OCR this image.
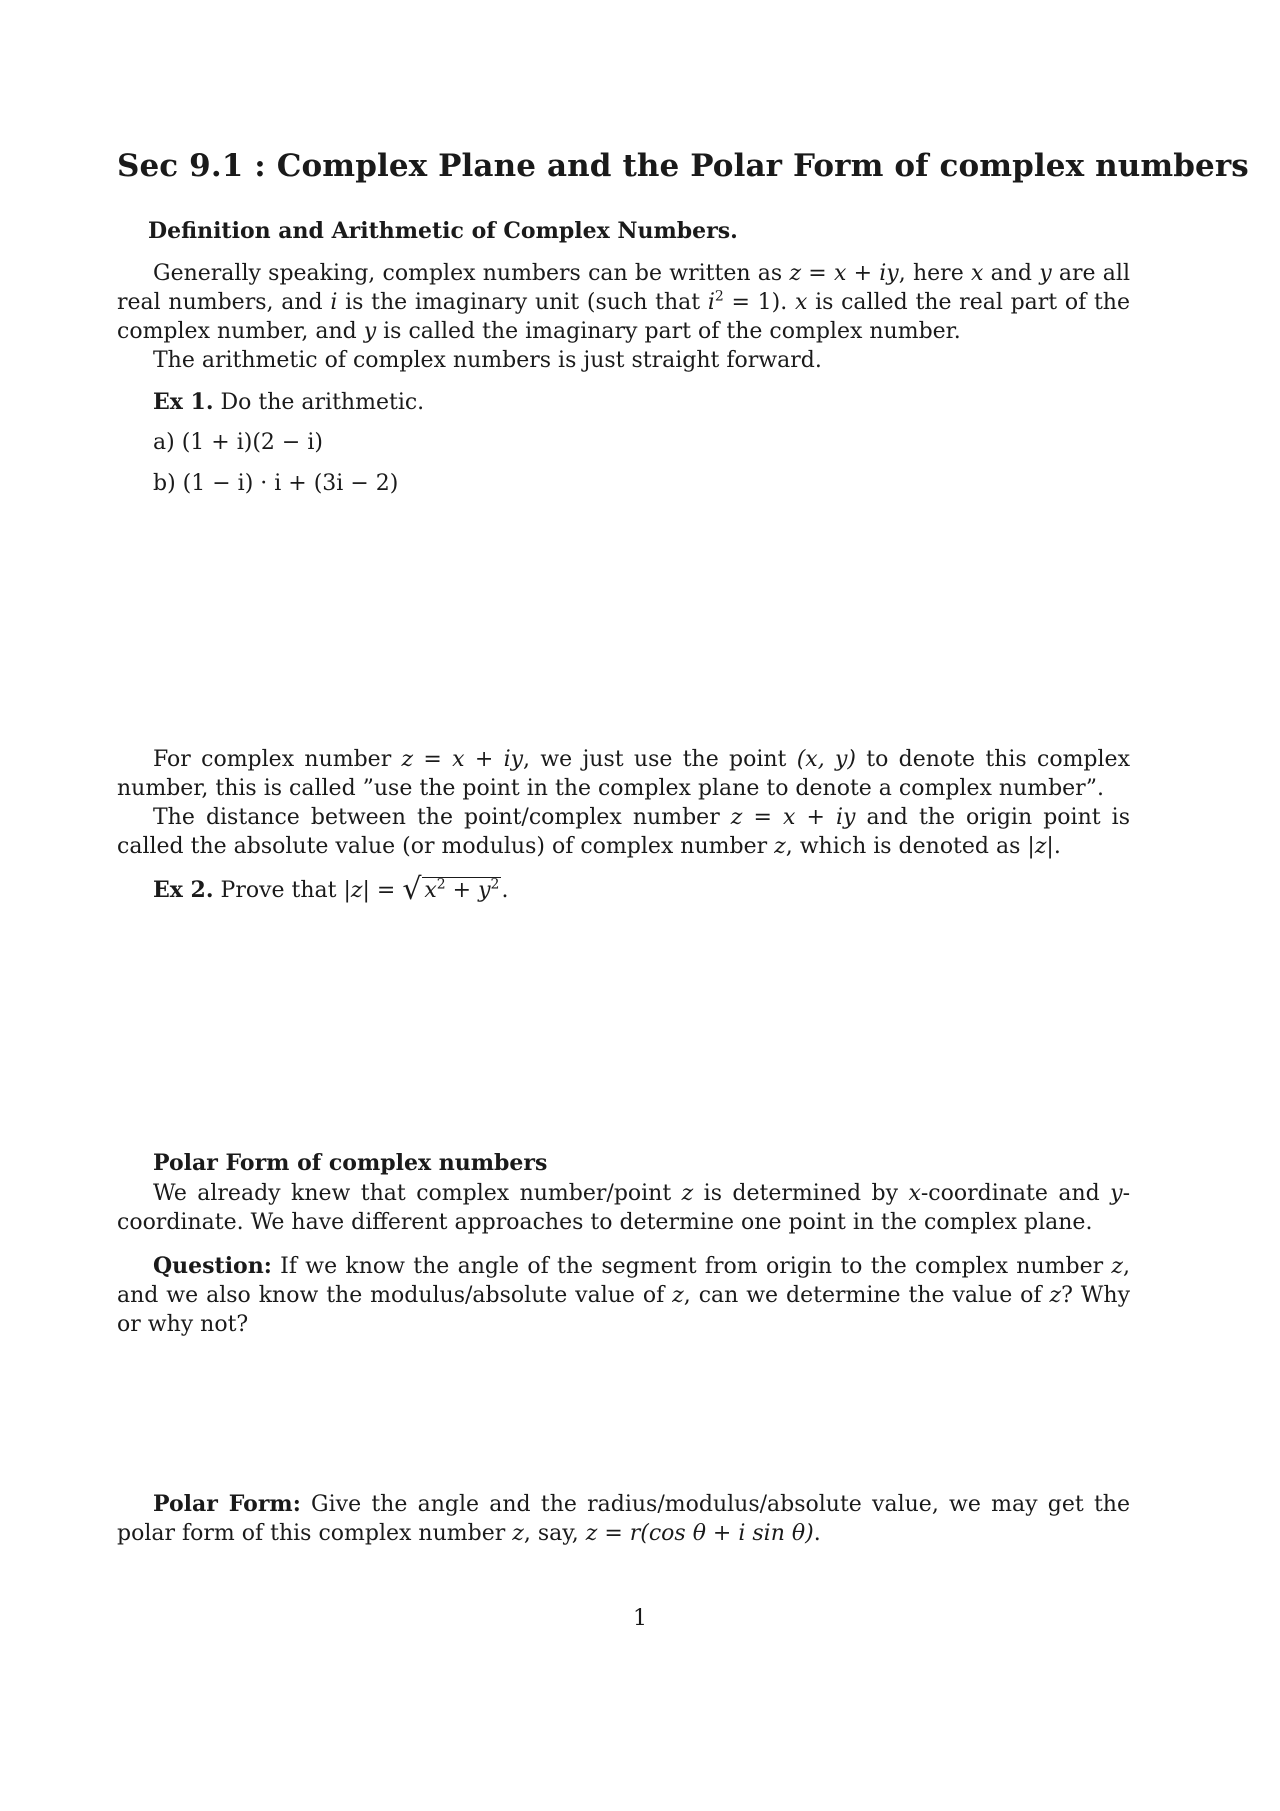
Sec 9.1 : Complex Plane and the Polar Form of complex numbers
Definition and Arithmetic of Complex Numbers.

Generally speaking, complex numbers can be written as z = x + iy, here x and y are all real numbers, and i is the imaginary unit (such that $i^2 = 1$). x is called the real part of the complex number, and y is called the imaginary part of the complex number.

The arithmetic of complex numbers is just straight forward.

Ex 1. Do the arithmetic.
a) (1 + i)(2 − i)
b) (1 − i) · i + (3i − 2)

For complex number z = x + iy, we just use the point (x, y) to denote this complex number, this is called ”use the point in the complex plane to denote a complex number”.

The distance between the point/complex number z = x + iy and the origin point is called the absolute value (or modulus) of complex number z, which is denoted as |z|.

Ex 2. Prove that |z| = √ $x^2 + y^2$.
Polar Form of complex numbers

We already knew that complex number/point z is determined by x-coordinate and y-coordinate. We have different approaches to determine one point in the complex plane.

Question: If we know the angle of the segment from origin to the complex number z, and we also know the modulus/absolute value of z, can we determine the value of z? Why or why not?

Polar Form: Give the angle and the radius/modulus/absolute value, we may get the polar form of this complex number z, say, z = r(cos θ + i sin θ).

1
